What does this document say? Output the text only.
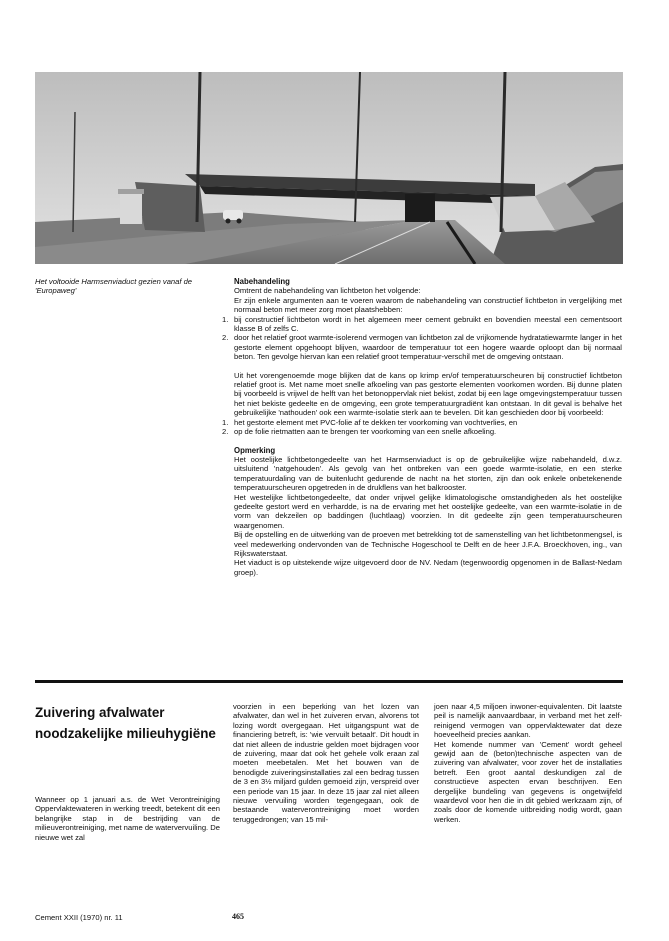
Het voltooide Harmsenviaduct gezien vanaf de 'Europaweg'
Nabehandeling

Omtrent de nabehandeling van lichtbeton het volgende:

Er zijn enkele argumenten aan te voeren waarom de nabehandeling van constructief lichtbeton in vergelijking met normaal beton met meer zorg moet plaatshebben:

1. bij constructief lichtbeton wordt in het algemeen meer cement gebruikt en bovendien meestal een cementsoort klasse B of zelfs C.
2. door het relatief groot warmte-isolerend vermogen van lichtbeton zal de vrijkomende hydratatiewarmte langer in het gestorte element opgehoopt blijven, waardoor de temperatuur tot een hogere waarde oploopt dan bij normaal beton. Ten gevolge hiervan kan een relatief groot temperatuur-verschil met de omgeving ontstaan.

Uit het vorengenoemde moge blijken dat de kans op krimp en/of temperatuurscheuren bij constructief lichtbeton relatief groot is. Met name moet snelle afkoeling van pas gestorte elementen voorkomen worden. Bij dunne platen bij voorbeeld is vrijwel de helft van het betonoppervlak niet bekist, zodat bij een lage omgevingstemperatuur tussen het niet bekiste gedeelte en de omgeving, een grote temperatuurgradiënt kan ontstaan. In dit geval is behalve het gebruikelijke 'nathouden' ook een warmte-isolatie sterk aan te bevelen. Dit kan geschieden door bij voorbeeld:

1. het gestorte element met PVC-folie af te dekken ter voorkoming van vochtverlies, en
2. op de folie rietmatten aan te brengen ter voorkoming van een snelle afkoeling.
Opmerking

Het oostelijke lichtbetongedeelte van het Harmsenviaduct is op de gebruikelijke wijze nabehandeld, d.w.z. uitsluitend 'natgehouden'. Als gevolg van het ontbreken van een goede warmte-isolatie, en een sterke temperatuurdaling van de buitenlucht gedurende de nacht na het storten, zijn dan ook enkele onbetekenende temperatuurscheuren opgetreden in de drukflens van het balkrooster.

Het westelijke lichtbetongedeelte, dat onder vrijwel gelijke klimatologische omstandigheden als het oostelijke gedeelte gestort werd en verhardde, is na de ervaring met het oostelijke gedeelte, van een warmte-isolatie in de vorm van dekzeilen op baddingen (luchtlaag) voorzien. In dit gedeelte zijn geen temperatuurscheuren waargenomen.

Bij de opstelling en de uitwerking van de proeven met betrekking tot de samenstelling van het lichtbetonmengsel, is veel medewerking ondervonden van de Technische Hogeschool te Delft en de heer J.F.A. Broeckhoven, ing., van Rijkswaterstaat.

Het viaduct is op uitstekende wijze uitgevoerd door de NV. Nedam (tegenwoordig opgenomen in de Ballast-Nedam groep).

Zuivering afvalwater noodzakelijke milieuhygiëne

Wanneer op 1 januari a.s. de Wet Verontreiniging Oppervlaktewateren in werking treedt, betekent dit een belangrijke stap in de bestrijding van de milieuverontreiniging, met name de watervervuiling. De nieuwe wet zal

voorzien in een beperking van het lozen van afvalwater, dan wel in het zuiveren ervan, alvorens tot lozing wordt overgegaan. Het uitgangspunt wat de financiering betreft, is: 'wie vervuilt betaalt'. Dit houdt in dat niet alleen de industrie gelden moet bijdragen voor de zuivering, maar dat ook het gehele volk eraan zal moeten meebetalen. Met het bouwen van de benodigde zuiveringsinstallaties zal een bedrag tussen de 3 en 3½ miljard gulden gemoeid zijn, verspreid over een periode van 15 jaar. In deze 15 jaar zal niet alleen nieuwe vervuiling worden tegengegaan, ook de bestaande waterverontreiniging moet worden teruggedrongen; van 15 mil-

joen naar 4,5 miljoen inwoner-equivalenten. Dit laatste peil is namelijk aanvaardbaar, in verband met het zelf-reinigend vermogen van oppervlaktewater dat deze hoeveelheid precies aankan.

Het komende nummer van 'Cement' wordt geheel gewijd aan de (beton)technische aspecten van de zuivering van afvalwater, voor zover het de installaties betreft. Een groot aantal deskundigen zal de constructieve aspecten ervan beschrijven. Een dergelijke bundeling van gegevens is ongetwijfeld waardevol voor hen die in dit gebied werkzaam zijn, of zoals door de komende uitbreiding nodig wordt, gaan werken.

Cement XXII (1970) nr. 11	465
